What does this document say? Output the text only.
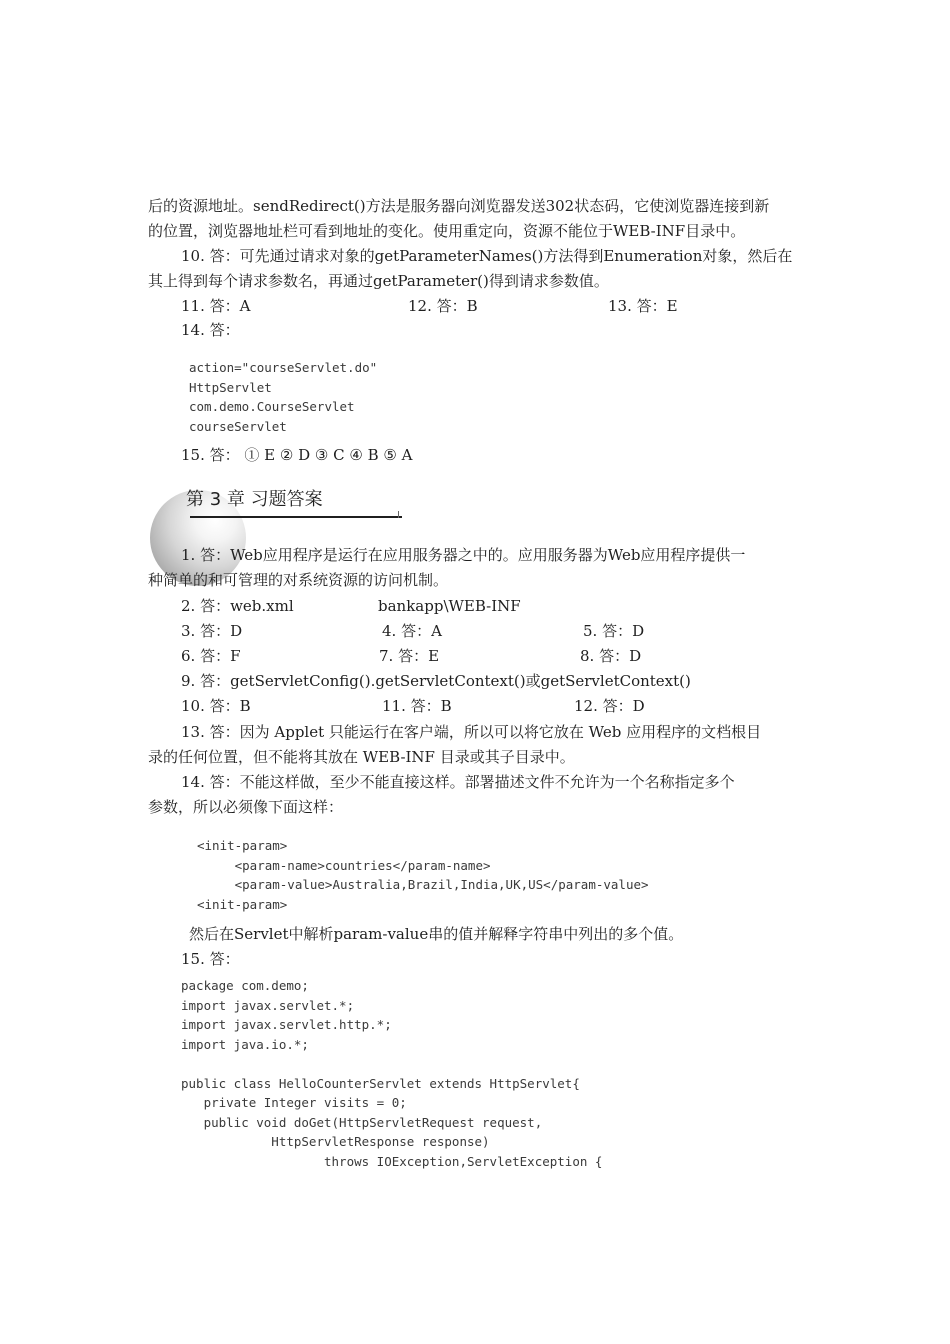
后的资源地址。sendRedirect()方法是服务器向浏览器发送302状态码，它使浏览器连接到新
的位置，浏览器地址栏可看到地址的变化。使用重定向，资源不能位于WEB-INF目录中。
10. 答：可先通过请求对象的getParameterNames()方法得到Enumeration对象，然后在
其上得到每个请求参数名，再通过getParameter()得到请求参数值。
11. 答：A	12. 答：B	13. 答：E
14. 答：
action="courseServlet.do"
HttpServlet
com.demo.CourseServlet
courseServlet
15. 答： ① E ② D ③ C ④ B ⑤ A
第 3 章 习题答案
1. 答：Web应用程序是运行在应用服务器之中的。应用服务器为Web应用程序提供一
种简单的和可管理的对系统资源的访问机制。
2. 答：web.xml	bankapp\WEB-INF
3. 答：D	4. 答：A	5. 答：D
6. 答：F	7. 答：E	8. 答：D
9. 答：getServletConfig().getServletContext()或getServletContext()
10. 答：B	11. 答：B	12. 答：D
13. 答：因为 Applet 只能运行在客户端，所以可以将它放在 Web 应用程序的文档根目
录的任何位置，但不能将其放在 WEB-INF 目录或其子目录中。
14. 答：不能这样做，至少不能直接这样。部署描述文件不允许为一个名称指定多个
参数，所以必须像下面这样：
<init-param>
<param-name>countries</param-name>
<param-value>Australia,Brazil,India,UK,US</param-value>
<init-param>
然后在Servlet中解析param-value串的值并解释字符串中列出的多个值。
15. 答：
package com.demo;
import javax.servlet.*;
import javax.servlet.http.*;
import java.io.*;

public class HelloCounterServlet extends HttpServlet{
private Integer visits = 0;
public void doGet(HttpServletRequest request,
HttpServletResponse response)
throws IOException,ServletException {
